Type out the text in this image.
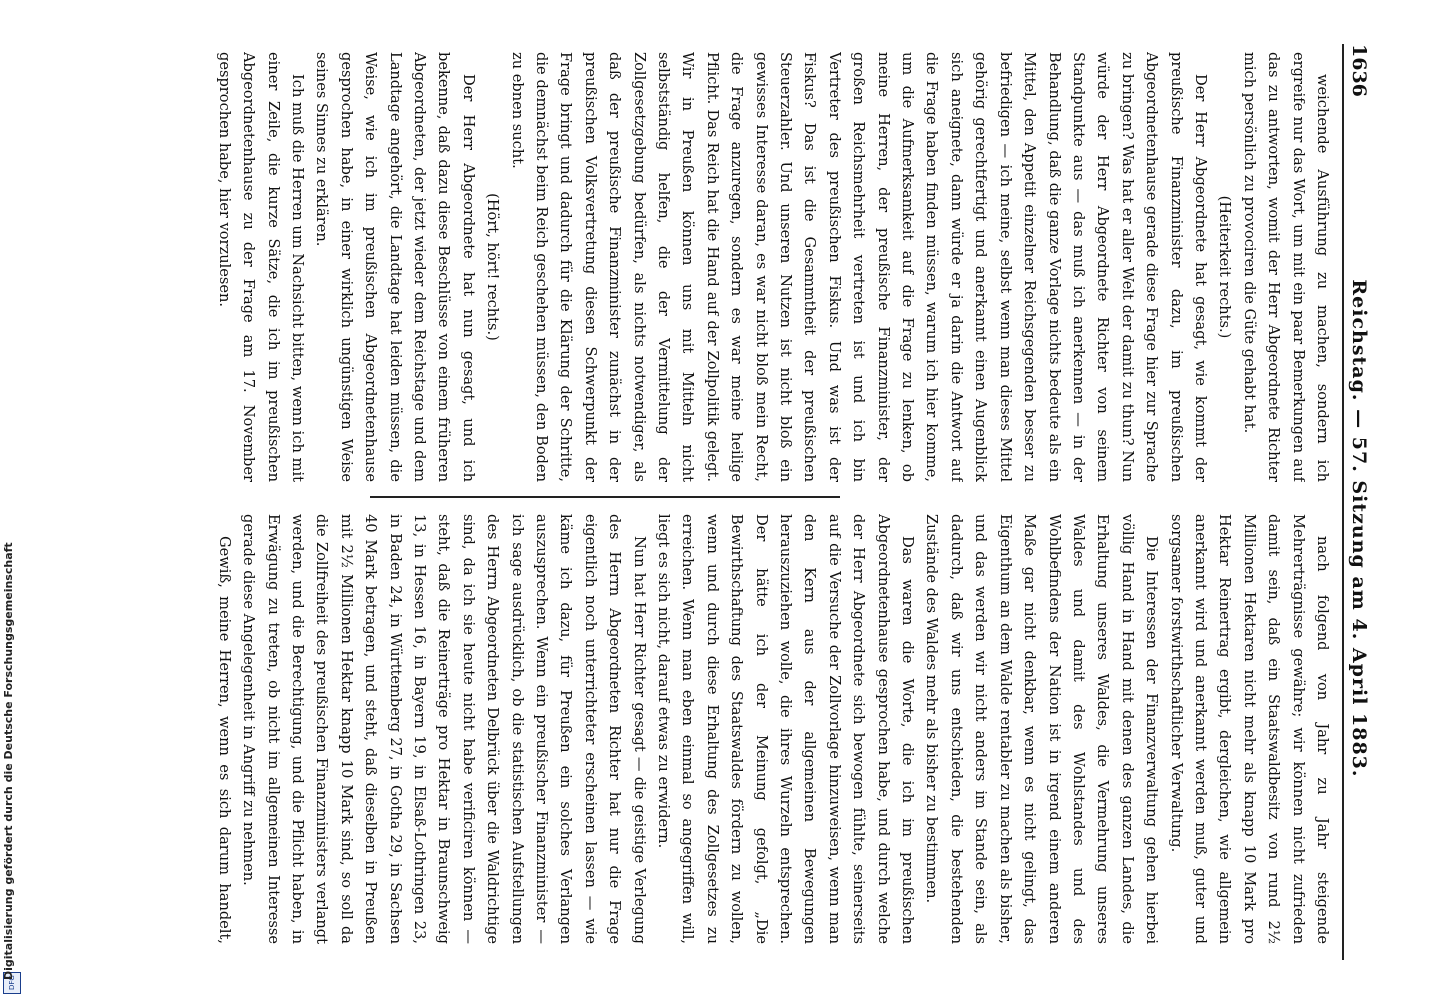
DFG
Digitalisierung gefördert durch die Deutsche Forschungsgemeinschaft
1636
Reichstag. — 57. Sitzung am 4. April 1883.

weichende Ausführung zu machen, sondern ich ergreife nur das Wort, um mit ein paar Bemerkungen auf das zu antworten, womit der Herr Abgeordnete Richter mich persönlich zu provociren die Güte gehabt hat.

(Heiterkeit rechts.)

Der Herr Abgeordnete hat gesagt, wie kommt der preußische Finanzminister dazu, im preußischen Abgeordnetenhause gerade diese Frage hier zur Sprache zu bringen? Was hat er aller Welt der damit zu thun? Nun würde der Herr Abgeordnete Richter von seinem Standpunkte aus — das muß ich anerkennen — in der Behandlung, daß die ganze Vorlage nichts bedeute als ein Mittel, den Appetit einzelner Reichsgegenden besser zu befriedigen — ich meine, selbst wenn man dieses Mittel gehörig gerechtfertigt und anerkannt einen Augenblick sich aneignete, dann würde er ja darin die Antwort auf die Frage haben finden müssen, warum ich hier komme, um die Aufmerksamkeit auf die Frage zu lenken, ob meine Herren, der preußische Finanzminister, der großen Reichsmehrheit vertreten ist und ich bin Vertreter des preußischen Fiskus. Und was ist der Fiskus? Das ist die Gesammtheit der preußischen Steuerzahler. Und unseren Nutzen ist nicht bloß ein gewisses Interesse daran, es war nicht bloß mein Recht, die Frage anzuregen, sondern es war meine heilige Pflicht. Das Reich hat die Hand auf der Zollpolitik gelegt. Wir in Preußen können uns mit Mitteln nicht selbstständig helfen, die der Vermittelung der Zollgesetzgebung bedürfen, als nichts notwendiger, als daß der preußische Finanzminister zunächst in der preußischen Volksvertretung diesen Schwerpunkt der Frage bringt und dadurch für die Klärung der Schritte, die demnächst beim Reich geschehen müssen, den Boden zu ebnen sucht.

(Hört, hört! rechts.)

Der Herr Abgeordnete hat nun gesagt, und ich bekenne, daß dazu diese Beschlüsse von einem früheren Abgeordneten, der jetzt wieder dem Reichstage und dem Landtage angehört, die Landtage hat leiden müssen, die Weise, wie ich im preußischen Abgeordnetenhause gesprochen habe, in einer wirklich ungünstigen Weise seines Sinnes zu erklären.

Ich muß die Herren um Nachsicht bitten, wenn ich mit einer Zeile, die kurze Sätze, die ich im preußischen Abgeordnetenhause zu der Frage am 17. November gesprochen habe, hier vorzulesen.

nach folgend von Jahr zu Jahr steigende Mehrerträgnisse gewähre; wir können nicht zufrieden damit sein, daß ein Staatswaldbesitz von rund 2½ Millionen Hektaren nicht mehr als knapp 10 Mark pro Hektar Reinertrag ergibt, dergleichen, wie allgemein anerkannt wird und anerkannt werden muß, guter und sorgsamer forstwirthschaftlicher Verwaltung.

Die Interessen der Finanzverwaltung gehen hierbei völlig Hand in Hand mit denen des ganzen Landes, die Erhaltung unseres Waldes, die Vermehrung unseres Waldes und damit des Wohlstandes und des Wohlbefindens der Nation ist in irgend einem anderen Maße gar nicht denkbar, wenn es nicht gelingt, das Eigenthum an dem Walde rentabler zu machen als bisher, und das werden wir nicht anders im Stande sein, als dadurch, daß wir uns entschieden, die bestehenden Zustände des Waldes mehr als bisher zu bestimmen.

Das waren die Worte, die ich im preußischen Abgeordnetenhause gesprochen habe, und durch welche der Herr Abgeordnete sich bewogen fühlte, seinerseits auf die Versuche der Zollvorlage hinzuweisen, wenn man den Kern aus der allgemeinen Bewegungen herauszuziehen wolle, die ihres Wurzeln entsprechen. Der hätte ich der Meinung gefolgt, „Die Bewirthschaftung des Staatswaldes fördern zu wollen, wenn und durch diese Erhaltung des Zollgesetzes zu erreichen. Wenn man eben einmal so angegriffen will, liegt es sich nicht, darauf etwas zu erwidern.

Nun hat Herr Richter gesagt — die geistige Verlegung des Herrn Abgeordneten Richter hat nur die Frage eigentlich noch unterrichteter erscheinen lassen — wie käme ich dazu, für Preußen ein solches Verlangen auszusprechen. Wenn ein preußischer Finanzminister — ich sage ausdrücklich, ob die statistischen Aufstellungen des Herrn Abgeordneten Delbrück über die Waldrichtige sind, da ich sie heute nicht habe verificiren können — steht, daß die Reinerträge pro Hektar in Braunschweig 13, in Hessen 16, in Bayern 19, in Elsaß-Lothringen 23, in Baden 24, in Württemberg 27, in Gotha 29, in Sachsen 40 Mark betragen, und steht, daß dieselben in Preußen mit 2½ Millionen Hektar knapp 10 Mark sind, so soll da die Zollfreiheit des preußischen Finanzministers verlangt werden, und die Berechtigung, und die Pflicht haben, in Erwägung zu treten, ob nicht im allgemeinen Interesse gerade diese Angelegenheit in Angriff zu nehmen.

Gewiß, meine Herren, wenn es sich darum handelt,
